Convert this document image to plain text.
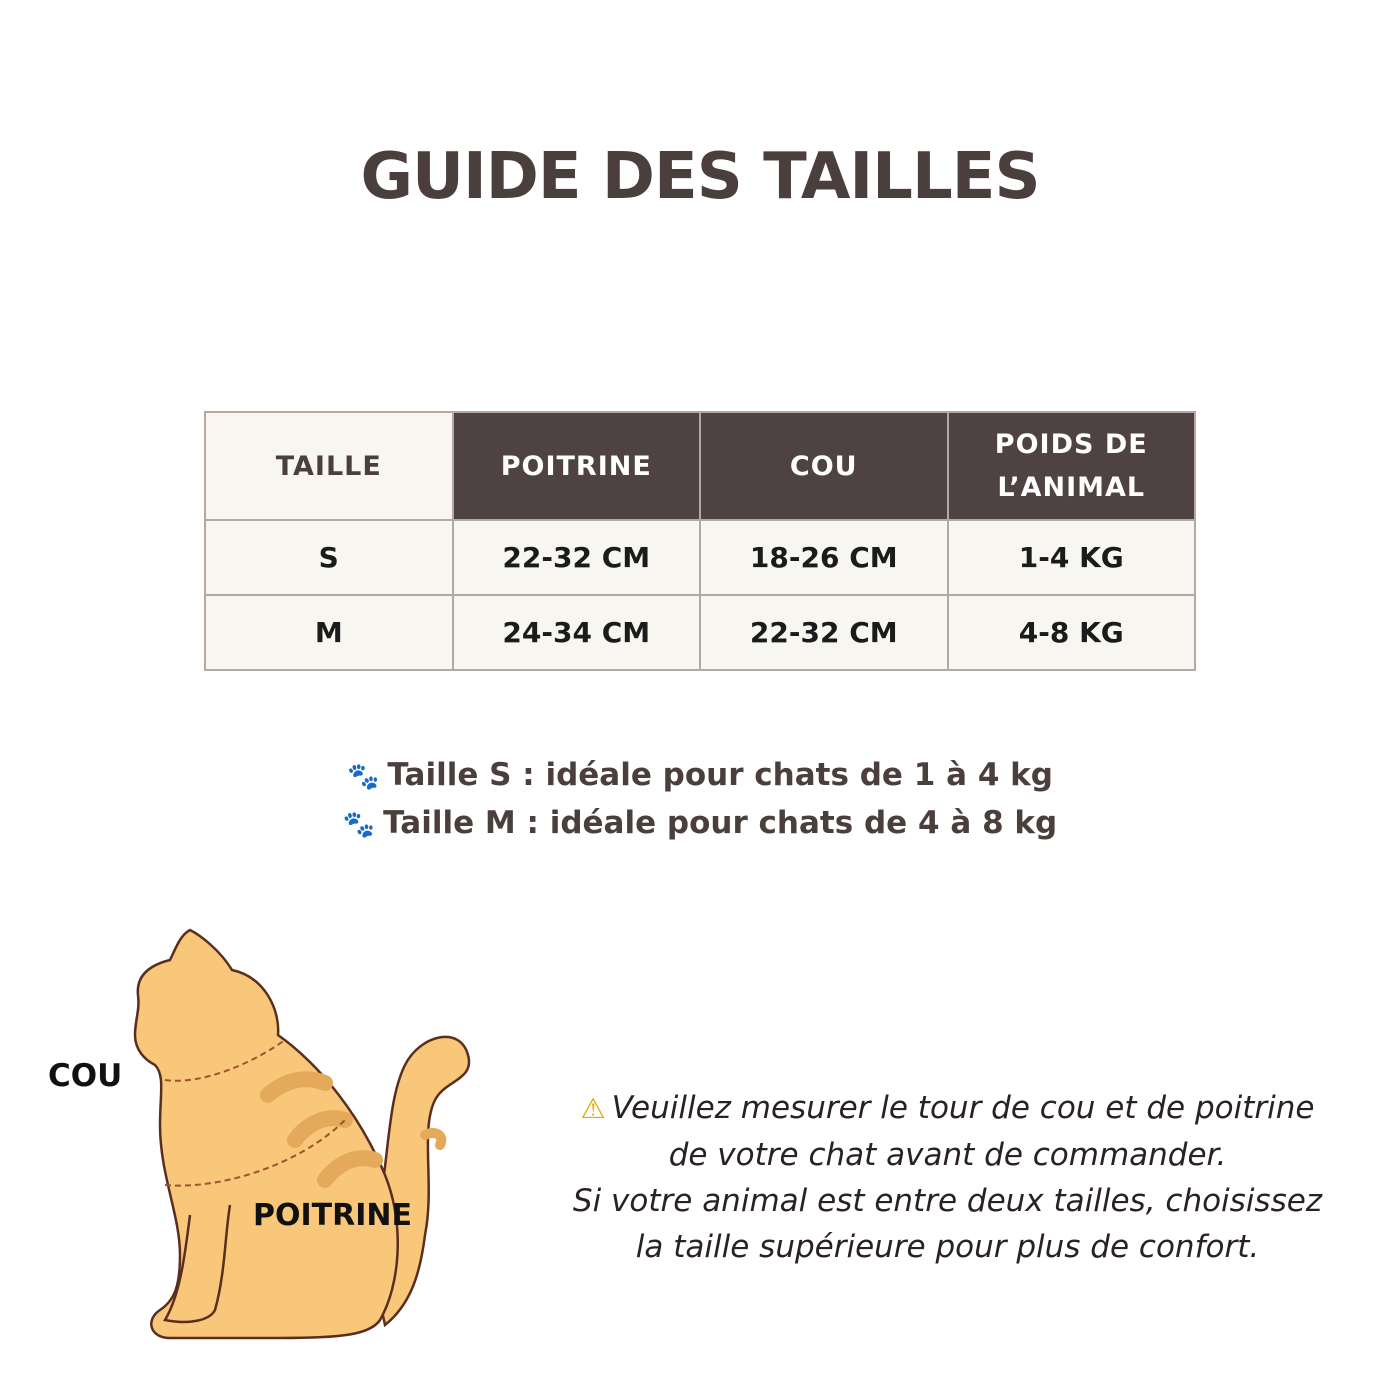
GUIDE DES TAILLES
TAILLE	POITRINE	COU	POIDS DE
L’ANIMAL
S	22-32 CM	18-26 CM	1-4 KG
M	24-34 CM	22-32 CM	4-8 KG
🐾 Taille S : idéale pour chats de 1 à 4 kg
🐾 Taille M : idéale pour chats de 4 à 8 kg
COU
POITRINE
⚠ Veuillez mesurer le tour de cou et de poitrine
de votre chat avant de commander.
Si votre animal est entre deux tailles, choisissez
la taille supérieure pour plus de confort.
